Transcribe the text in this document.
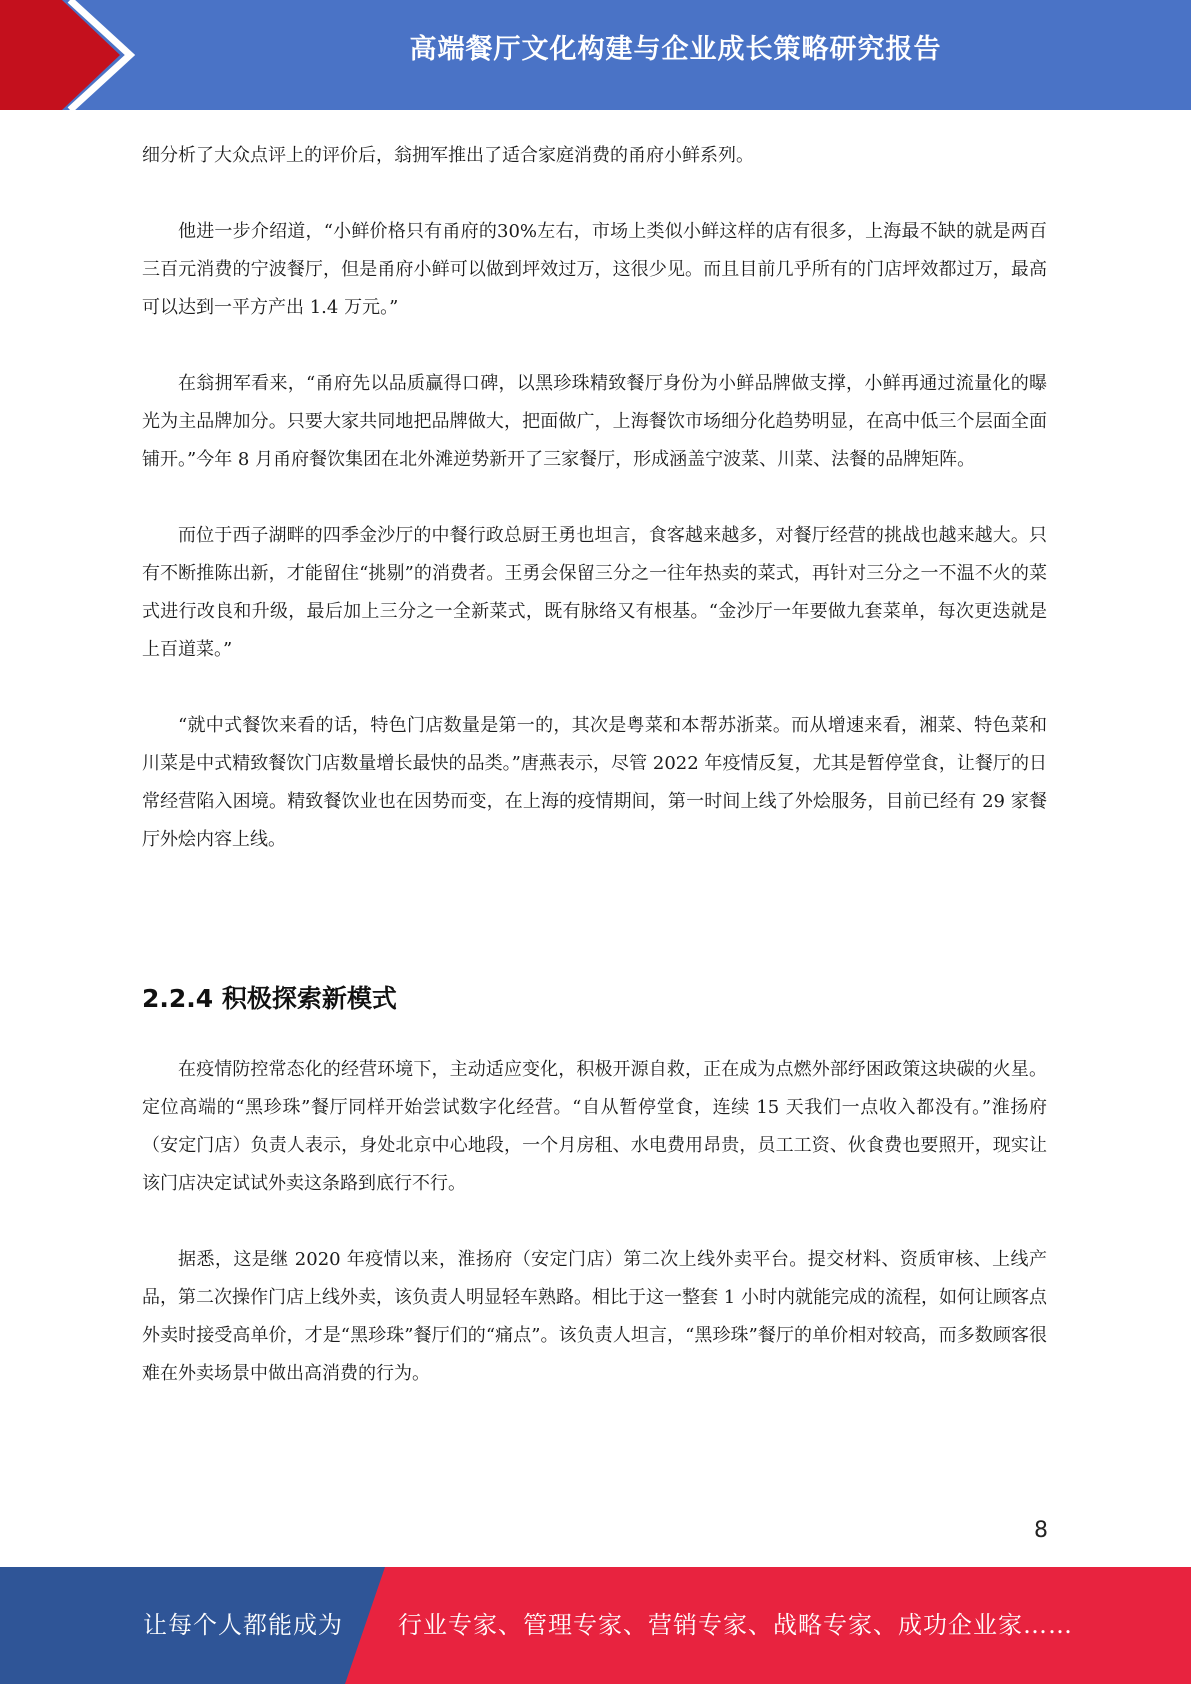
高端餐厅文化构建与企业成长策略研究报告

细分析了大众点评上的评价后，翁拥军推出了适合家庭消费的甬府小鲜系列。

他进一步介绍道，“小鲜价格只有甬府的30%左右，市场上类似小鲜这样的店有很多，上海最不缺的就是两百三百元消费的宁波餐厅，但是甬府小鲜可以做到坪效过万，这很少见。而且目前几乎所有的门店坪效都过万，最高可以达到一平方产出 1.4 万元。”

在翁拥军看来，“甬府先以品质赢得口碑，以黑珍珠精致餐厅身份为小鲜品牌做支撑，小鲜再通过流量化的曝光为主品牌加分。只要大家共同地把品牌做大，把面做广，上海餐饮市场细分化趋势明显，在高中低三个层面全面铺开。”今年 8 月甬府餐饮集团在北外滩逆势新开了三家餐厅，形成涵盖宁波菜、川菜、法餐的品牌矩阵。

而位于西子湖畔的四季金沙厅的中餐行政总厨王勇也坦言，食客越来越多，对餐厅经营的挑战也越来越大。只有不断推陈出新，才能留住“挑剔”的消费者。王勇会保留三分之一往年热卖的菜式，再针对三分之一不温不火的菜式进行改良和升级，最后加上三分之一全新菜式，既有脉络又有根基。“金沙厅一年要做九套菜单，每次更迭就是上百道菜。”

“就中式餐饮来看的话，特色门店数量是第一的，其次是粤菜和本帮苏浙菜。而从增速来看，湘菜、特色菜和川菜是中式精致餐饮门店数量增长最快的品类。”唐燕表示，尽管 2022 年疫情反复，尤其是暂停堂食，让餐厅的日常经营陷入困境。精致餐饮业也在因势而变，在上海的疫情期间，第一时间上线了外烩服务，目前已经有 29 家餐厅外烩内容上线。

2.2.4 积极探索新模式

在疫情防控常态化的经营环境下，主动适应变化，积极开源自救，正在成为点燃外部纾困政策这块碳的火星。定位高端的“黑珍珠”餐厅同样开始尝试数字化经营。“自从暂停堂食，连续 15 天我们一点收入都没有。”淮扬府（安定门店）负责人表示，身处北京中心地段，一个月房租、水电费用昂贵，员工工资、伙食费也要照开，现实让该门店决定试试外卖这条路到底行不行。

据悉，这是继 2020 年疫情以来，淮扬府（安定门店）第二次上线外卖平台。提交材料、资质审核、上线产品，第二次操作门店上线外卖，该负责人明显轻车熟路。相比于这一整套 1 小时内就能完成的流程，如何让顾客点外卖时接受高单价，才是“黑珍珠”餐厅们的“痛点”。该负责人坦言，“黑珍珠”餐厅的单价相对较高，而多数顾客很难在外卖场景中做出高消费的行为。

8
让每个人都能成为 行业专家、管理专家、营销专家、战略专家、成功企业家……
